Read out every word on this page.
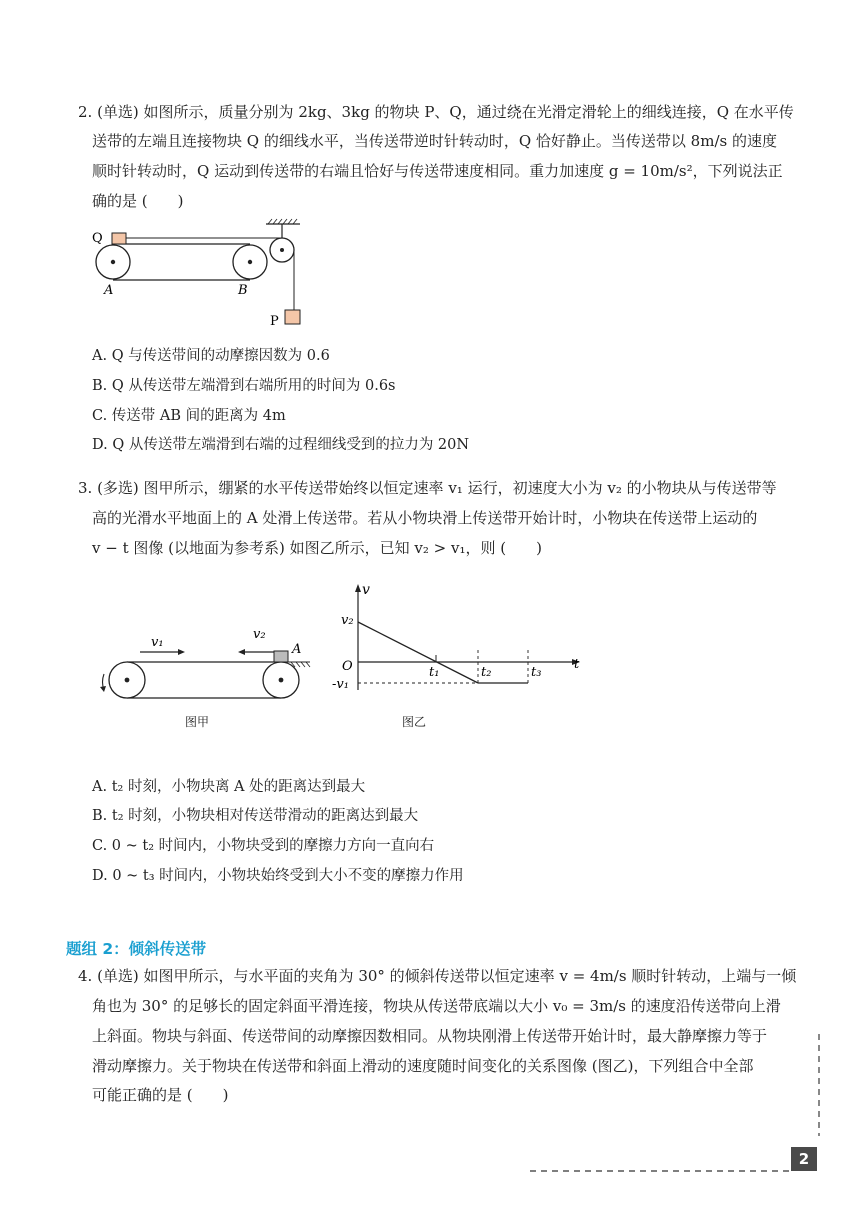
2. (单选) 如图所示，质量分别为 2kg、3kg 的物块 P、Q，通过绕在光滑定滑轮上的细线连接，Q 在水平传
送带的左端且连接物块 Q 的细线水平，当传送带逆时针转动时，Q 恰好静止。当传送带以 8m/s 的速度
顺时针转动时，Q 运动到传送带的右端且恰好与传送带速度相同。重力加速度 g = 10m/s²，下列说法正
确的是 (　　)
Q
A	B
P
A. Q 与传送带间的动摩擦因数为 0.6
B. Q 从传送带左端滑到右端所用的时间为 0.6s
C. 传送带 AB 间的距离为 4m
D. Q 从传送带左端滑到右端的过程细线受到的拉力为 20N
3. (多选) 图甲所示，绷紧的水平传送带始终以恒定速率 v₁ 运行，初速度大小为 v₂ 的小物块从与传送带等
高的光滑水平地面上的 A 处滑上传送带。若从小物块滑上传送带开始计时，小物块在传送带上运动的
v − t 图像 (以地面为参考系) 如图乙所示，已知 v₂ > v₁，则 (　　)
v₁
v₂
A
图甲
v
v₂
O	t
t₁	t₂	t₃
-v₁
图乙
A. t₂ 时刻，小物块离 A 处的距离达到最大
B. t₂ 时刻，小物块相对传送带滑动的距离达到最大
C. 0 ~ t₂ 时间内，小物块受到的摩擦力方向一直向右
D. 0 ~ t₃ 时间内，小物块始终受到大小不变的摩擦力作用
题组 2：倾斜传送带
4. (单选) 如图甲所示，与水平面的夹角为 30° 的倾斜传送带以恒定速率 v = 4m/s 顺时针转动，上端与一倾
角也为 30° 的足够长的固定斜面平滑连接，物块从传送带底端以大小 v₀ = 3m/s 的速度沿传送带向上滑
上斜面。物块与斜面、传送带间的动摩擦因数相同。从物块刚滑上传送带开始计时，最大静摩擦力等于
滑动摩擦力。关于物块在传送带和斜面上滑动的速度随时间变化的关系图像 (图乙)，下列组合中全部
可能正确的是 (　　)
2
